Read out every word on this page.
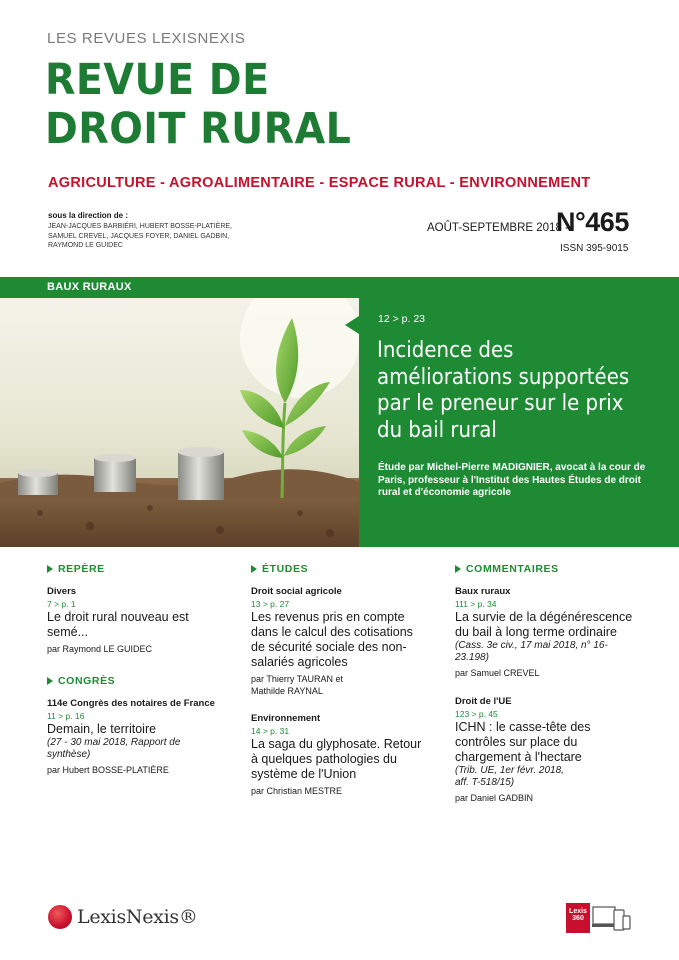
LES REVUES LEXISNEXIS
REVUE DE
DROIT RURAL
AGRICULTURE - AGROALIMENTAIRE - ESPACE RURAL - ENVIRONNEMENT
sous la direction de :
JEAN-JACQUES BARBIÉRI, HUBERT BOSSE-PLATIÈRE, SAMUEL CREVEL, JACQUES FOYER, DANIEL GADBIN, RAYMOND LE GUIDEC
AOÛT-SEPTEMBRE 2018 -
N°465
ISSN 395-9015
BAUX RURAUX
12 > p. 23
Incidence des améliorations supportées par le preneur sur le prix du bail rural
Étude par Michel-Pierre MADIGNIER, avocat à la cour de Paris, professeur à l'Institut des Hautes Études de droit rural et d'économie agricole
REPÈRE
Divers
7 > p. 1
Le droit rural nouveau est semé...
par Raymond LE GUIDEC
CONGRÈS
114e Congrès des notaires de France
11 > p. 16
Demain, le territoire
(27 - 30 mai 2018, Rapport de synthèse)
par Hubert BOSSE-PLATIÈRE
ÉTUDES
Droit social agricole
13 > p. 27
Les revenus pris en compte dans le calcul des cotisations de sécurité sociale des non-salariés agricoles
par Thierry TAURAN et Mathilde RAYNAL
Environnement
14 > p. 31
La saga du glyphosate. Retour à quelques pathologies du système de l'Union
par Christian MESTRE
COMMENTAIRES
Baux ruraux
111 > p. 34
La survie de la dégénérescence du bail à long terme ordinaire
(Cass. 3e civ., 17 mai 2018, n° 16-23.198)
par Samuel CREVEL
Droit de l'UE
123 > p. 45
ICHN : le casse-tête des contrôles sur place du chargement à l'hectare
(Trib. UE, 1er févr. 2018, aff. T-518/15)
par Daniel GADBIN
LexisNexis®	Lexis 360
